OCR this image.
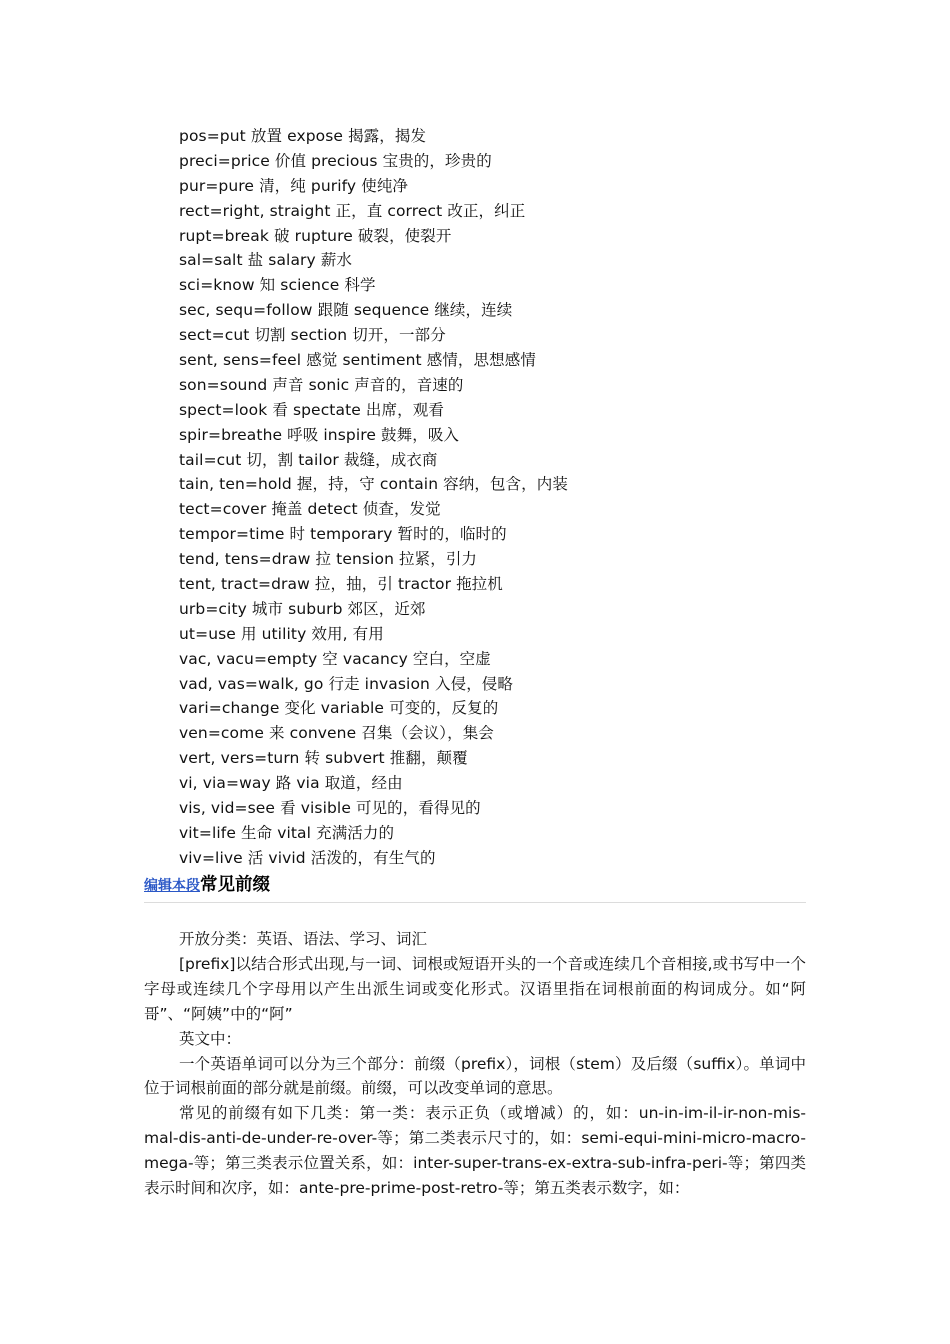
pos=put 放置 expose 揭露，揭发
preci=price 价值 precious 宝贵的，珍贵的
pur=pure 清，纯 purify 使纯净
rect=right, straight 正，直 correct 改正，纠正
rupt=break 破 rupture 破裂，使裂开
sal=salt 盐 salary 薪水
sci=know 知 science 科学
sec, sequ=follow 跟随 sequence 继续，连续
sect=cut 切割 section 切开，一部分
sent, sens=feel 感觉 sentiment 感情，思想感情
son=sound 声音 sonic 声音的，音速的
spect=look 看 spectate 出席，观看
spir=breathe 呼吸 inspire 鼓舞，吸入
tail=cut 切，割 tailor 裁缝，成衣商
tain, ten=hold 握，持，守 contain 容纳，包含，内装
tect=cover 掩盖 detect 侦查，发觉
tempor=time 时 temporary 暂时的，临时的
tend, tens=draw 拉 tension 拉紧，引力
tent, tract=draw 拉，抽，引 tractor 拖拉机
urb=city 城市 suburb 郊区，近郊
ut=use 用 utility 效用, 有用
vac, vacu=empty 空 vacancy 空白，空虚
vad, vas=walk, go 行走 invasion 入侵，侵略
vari=change 变化 variable 可变的，反复的
ven=come 来 convene 召集（会议），集会
vert, vers=turn 转 subvert 推翻，颠覆
vi, via=way 路 via 取道，经由
vis, vid=see 看 visible 可见的，看得见的
vit=life 生命 vital 充满活力的
viv=live 活 vivid 活泼的，有生气的
编辑本段常见前缀

开放分类：英语、语法、学习、词汇

[prefix]以结合形式出现,与一词、词根或短语开头的一个音或连续几个音相接,或书写中一个字母或连续几个字母用以产生出派生词或变化形式。汉语里指在词根前面的构词成分。如“阿哥”、“阿姨”中的“阿”

英文中：

一个英语单词可以分为三个部分：前缀（prefix），词根（stem）及后缀（suffix）。单词中位于词根前面的部分就是前缀。前缀，可以改变单词的意思。

常见的前缀有如下几类：第一类：表示正负（或增减）的，如：un-in-im-il-ir-non-mis-mal-dis-anti-de-under-re-over-等；第二类表示尺寸的，如：semi-equi-mini-micro-macro-mega-等；第三类表示位置关系，如：inter-super-trans-ex-extra-sub-infra-peri-等；第四类表示时间和次序，如：ante-pre-prime-post-retro-等；第五类表示数字，如：
